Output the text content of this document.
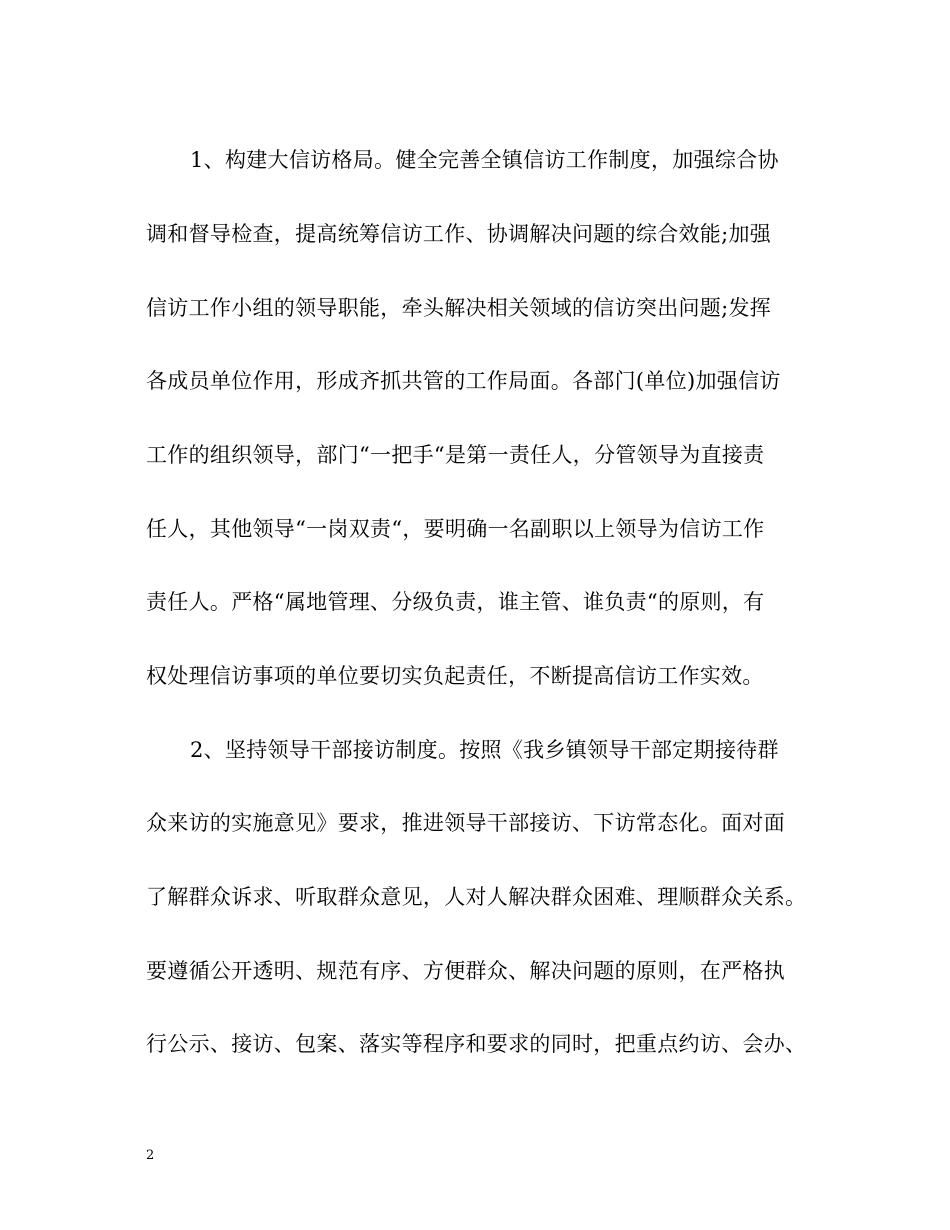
1、构建大信访格局。健全完善全镇信访工作制度，加强综合协
调和督导检查，提高统筹信访工作、协调解决问题的综合效能;加强
信访工作小组的领导职能，牵头解决相关领域的信访突出问题;发挥
各成员单位作用，形成齐抓共管的工作局面。各部门(单位)加强信访
工作的组织领导，部门“一把手“是第一责任人，分管领导为直接责
任人，其他领导“一岗双责“，要明确一名副职以上领导为信访工作
责任人。严格“属地管理、分级负责，谁主管、谁负责“的原则，有
权处理信访事项的单位要切实负起责任，不断提高信访工作实效。
2、坚持领导干部接访制度。按照《我乡镇领导干部定期接待群
众来访的实施意见》要求，推进领导干部接访、下访常态化。面对面
了解群众诉求、听取群众意见，人对人解决群众困难、理顺群众关系。
要遵循公开透明、规范有序、方便群众、解决问题的原则，在严格执
行公示、接访、包案、落实等程序和要求的同时，把重点约访、会办、
2
